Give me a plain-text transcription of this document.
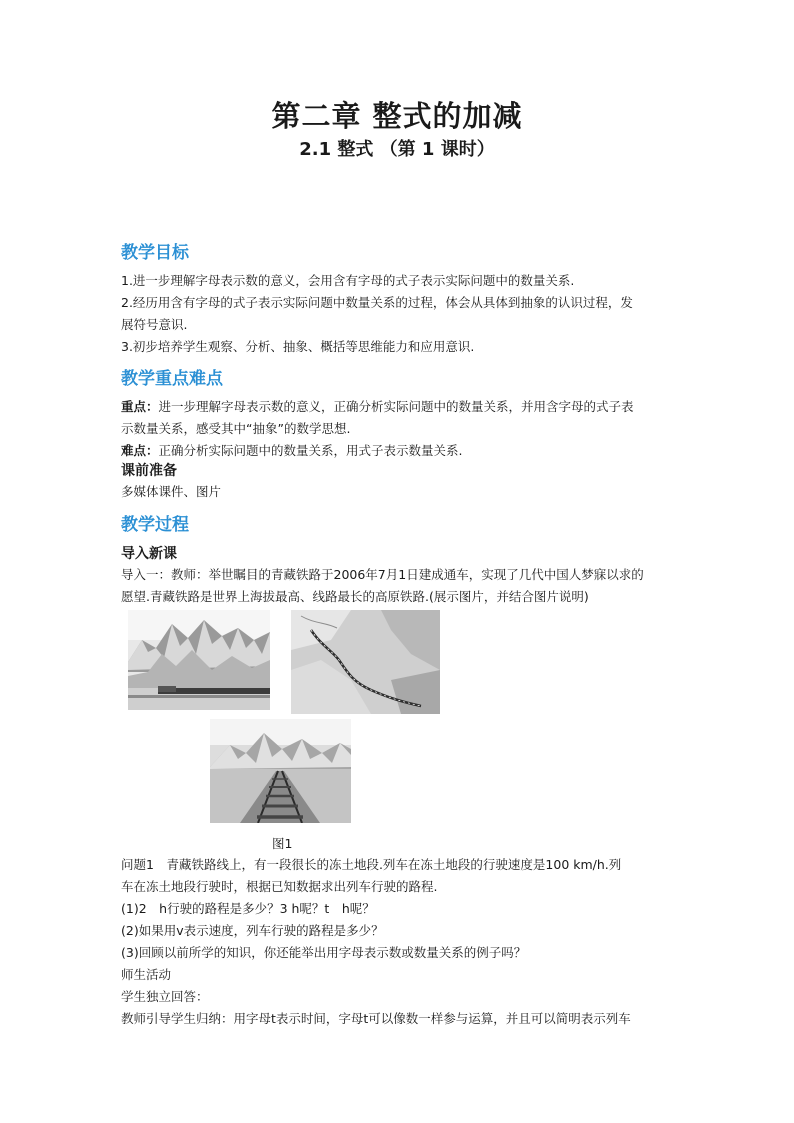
第二章 整式的加减
2.1 整式 （第 1 课时）
教学目标
1.进一步理解字母表示数的意义，会用含有字母的式子表示实际问题中的数量关系.
2.经历用含有字母的式子表示实际问题中数量关系的过程，体会从具体到抽象的认识过程，发
展符号意识.
3.初步培养学生观察、分析、抽象、概括等思维能力和应用意识.
教学重点难点
重点：进一步理解字母表示数的意义，正确分析实际问题中的数量关系，并用含字母的式子表
示数量关系，感受其中“抽象”的数学思想.
难点：正确分析实际问题中的数量关系，用式子表示数量关系.
课前准备
多媒体课件、图片
教学过程
导入新课
导入一：教师：举世瞩目的青藏铁路于2006年7月1日建成通车，实现了几代中国人梦寐以求的
愿望.青藏铁路是世界上海拔最高、线路最长的高原铁路.(展示图片，并结合图片说明)
图1
问题1　青藏铁路线上，有一段很长的冻土地段.列车在冻土地段的行驶速度是100 km/h.列
车在冻土地段行驶时，根据已知数据求出列车行驶的路程.
(1)2　h行驶的路程是多少？3 h呢？t　h呢？
(2)如果用v表示速度，列车行驶的路程是多少？
(3)回顾以前所学的知识，你还能举出用字母表示数或数量关系的例子吗？
师生活动
学生独立回答：
教师引导学生归纳：用字母t表示时间，字母t可以像数一样参与运算，并且可以简明表示列车
